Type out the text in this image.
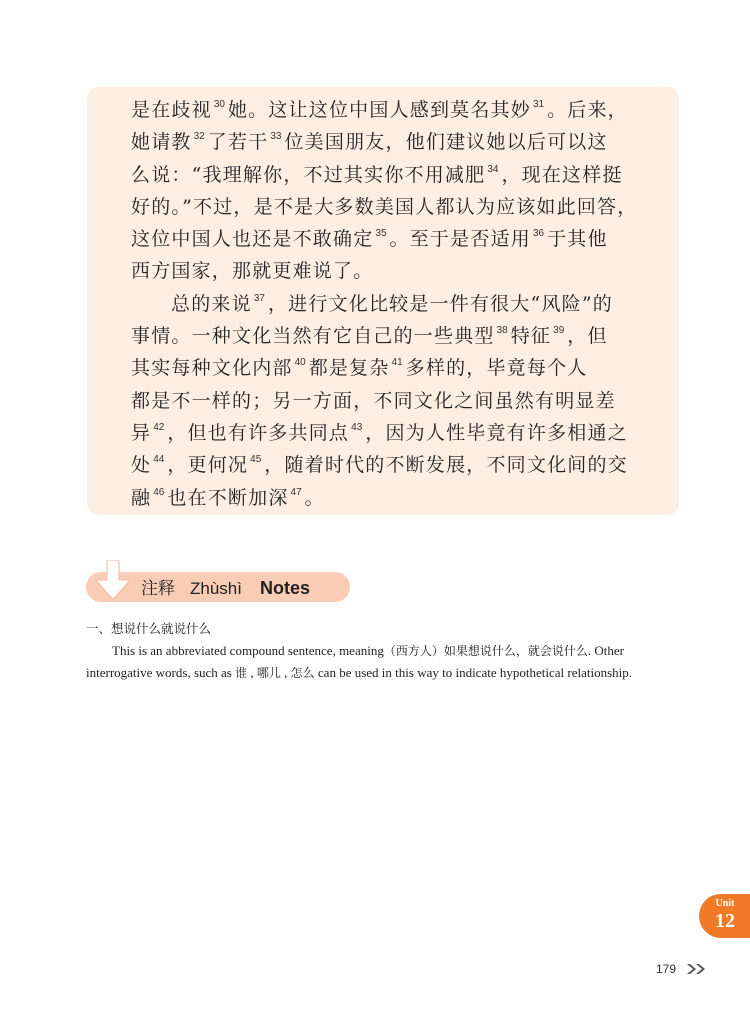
是在歧视 $^{30}$ 她。这让这位中国人感到莫名其妙 $^{31}$ 。后来，
她请教 $^{32}$ 了若干 $^{33}$ 位美国朋友，他们建议她以后可以这
么说：“我理解你，不过其实你不用减肥 $^{34}$ ，现在这样挺
好的。”不过，是不是大多数美国人都认为应该如此回答，
这位中国人也还是不敢确定 $^{35}$ 。至于是否适用 $^{36}$ 于其他
西方国家，那就更难说了。
总的来说 $^{37}$ ，进行文化比较是一件有很大“风险”的
事情。一种文化当然有它自己的一些典型 $^{38}$ 特征 $^{39}$ ，但
其实每种文化内部 $^{40}$ 都是复杂 $^{41}$ 多样的，毕竟每个人
都是不一样的；另一方面，不同文化之间虽然有明显差
异 $^{42}$ ，但也有许多共同点 $^{43}$ ，因为人性毕竟有许多相通之
处 $^{44}$ ，更何况 $^{45}$ ，随着时代的不断发展，不同文化间的交
融 $^{46}$ 也在不断加深 $^{47}$ 。
注释 Zhùshì Notes
一、想说什么就说什么
This is an abbreviated compound sentence, meaning（西方人）如果想说什么，就会说什么. Other
interrogative words, such as 谁 , 哪儿 , 怎么 can be used in this way to indicate hypothetical relationship.
Unit
12
179
